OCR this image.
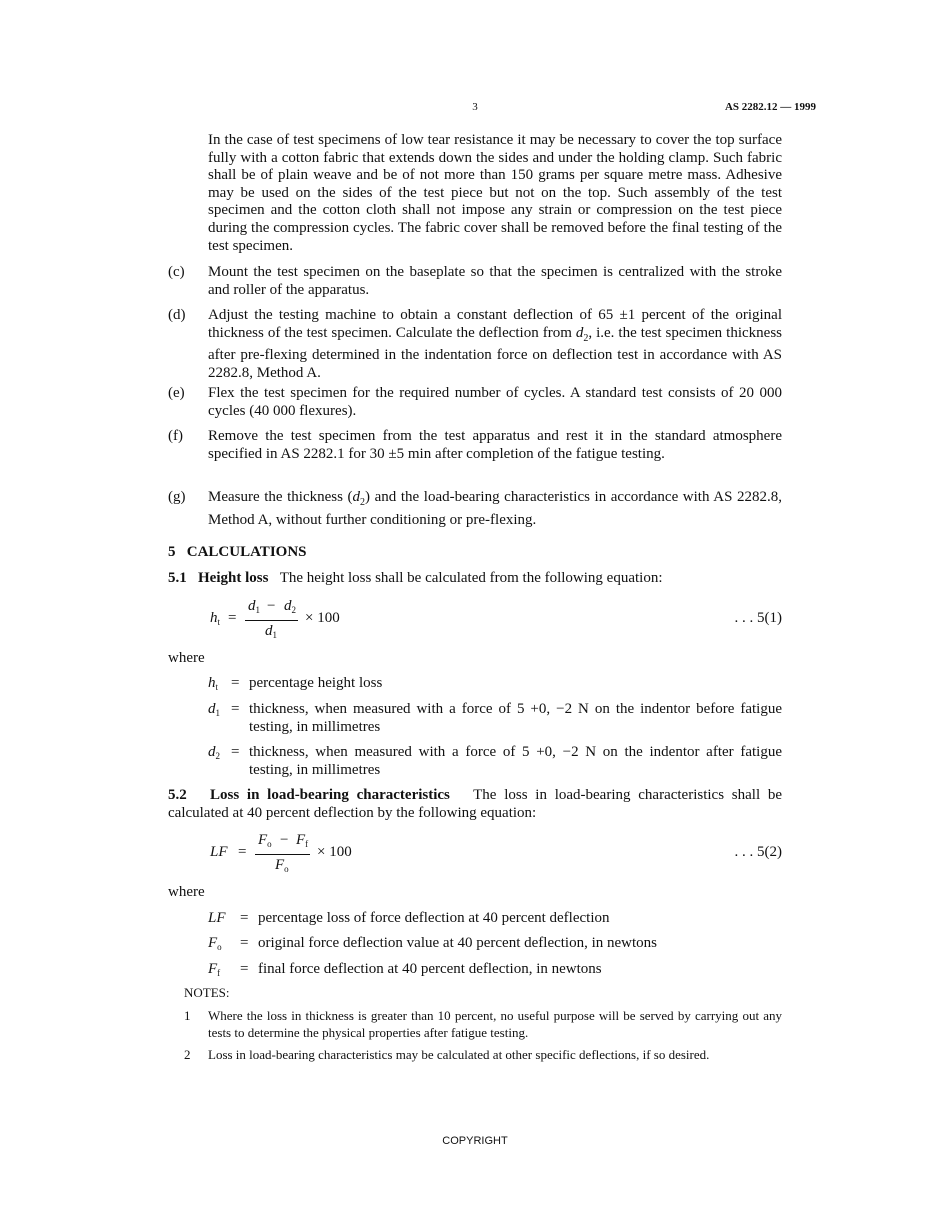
3	AS 2282.12 — 1999
In the case of test specimens of low tear resistance it may be necessary to cover the top surface fully with a cotton fabric that extends down the sides and under the holding clamp. Such fabric shall be of plain weave and be of not more than 150 grams per square metre mass. Adhesive may be used on the sides of the test piece but not on the top. Such assembly of the test specimen and the cotton cloth shall not impose any strain or compression on the test piece during the compression cycles. The fabric cover shall be removed before the final testing of the test specimen.
(c) Mount the test specimen on the baseplate so that the specimen is centralized with the stroke and roller of the apparatus.
(d) Adjust the testing machine to obtain a constant deflection of 65 ±1 percent of the original thickness of the test specimen. Calculate the deflection from $d_2$, i.e. the test specimen thickness after pre-flexing determined in the indentation force on deflection test in accordance with AS 2282.8, Method A.
(e) Flex the test specimen for the required number of cycles. A standard test consists of 20 000 cycles (40 000 flexures).
(f) Remove the test specimen from the test apparatus and rest it in the standard atmosphere specified in AS 2282.1 for 30 ±5 min after completion of the fatigue testing.
(g) Measure the thickness $(d_2)$ and the load-bearing characteristics in accordance with AS 2282.8, Method A, without further conditioning or pre-flexing.
5 CALCULATIONS
5.1 Height loss The height loss shall be calculated from the following equation:
$h_t$ =
$d_1 - d_2$
$d_1$
× 100	. . . 5(1)
where
$h_t$ = percentage height loss
$d_1$ = thickness, when measured with a force of 5 +0, −2 N on the indentor before fatigue testing, in millimetres
$d_2$ = thickness, when measured with a force of 5 +0, −2 N on the indentor after fatigue testing, in millimetres
5.2 Loss in load-bearing characteristics The loss in load-bearing characteristics shall be calculated at 40 percent deflection by the following equation:
LF =
$F_o - F_f$
$F_o$
× 100	. . . 5(2)
where
LF = percentage loss of force deflection at 40 percent deflection
$F_o$ = original force deflection value at 40 percent deflection, in newtons
$F_f$ = final force deflection at 40 percent deflection, in newtons
NOTES:
1 Where the loss in thickness is greater than 10 percent, no useful purpose will be served by carrying out any tests to determine the physical properties after fatigue testing.
2 Loss in load-bearing characteristics may be calculated at other specific deflections, if so desired.
COPYRIGHT
